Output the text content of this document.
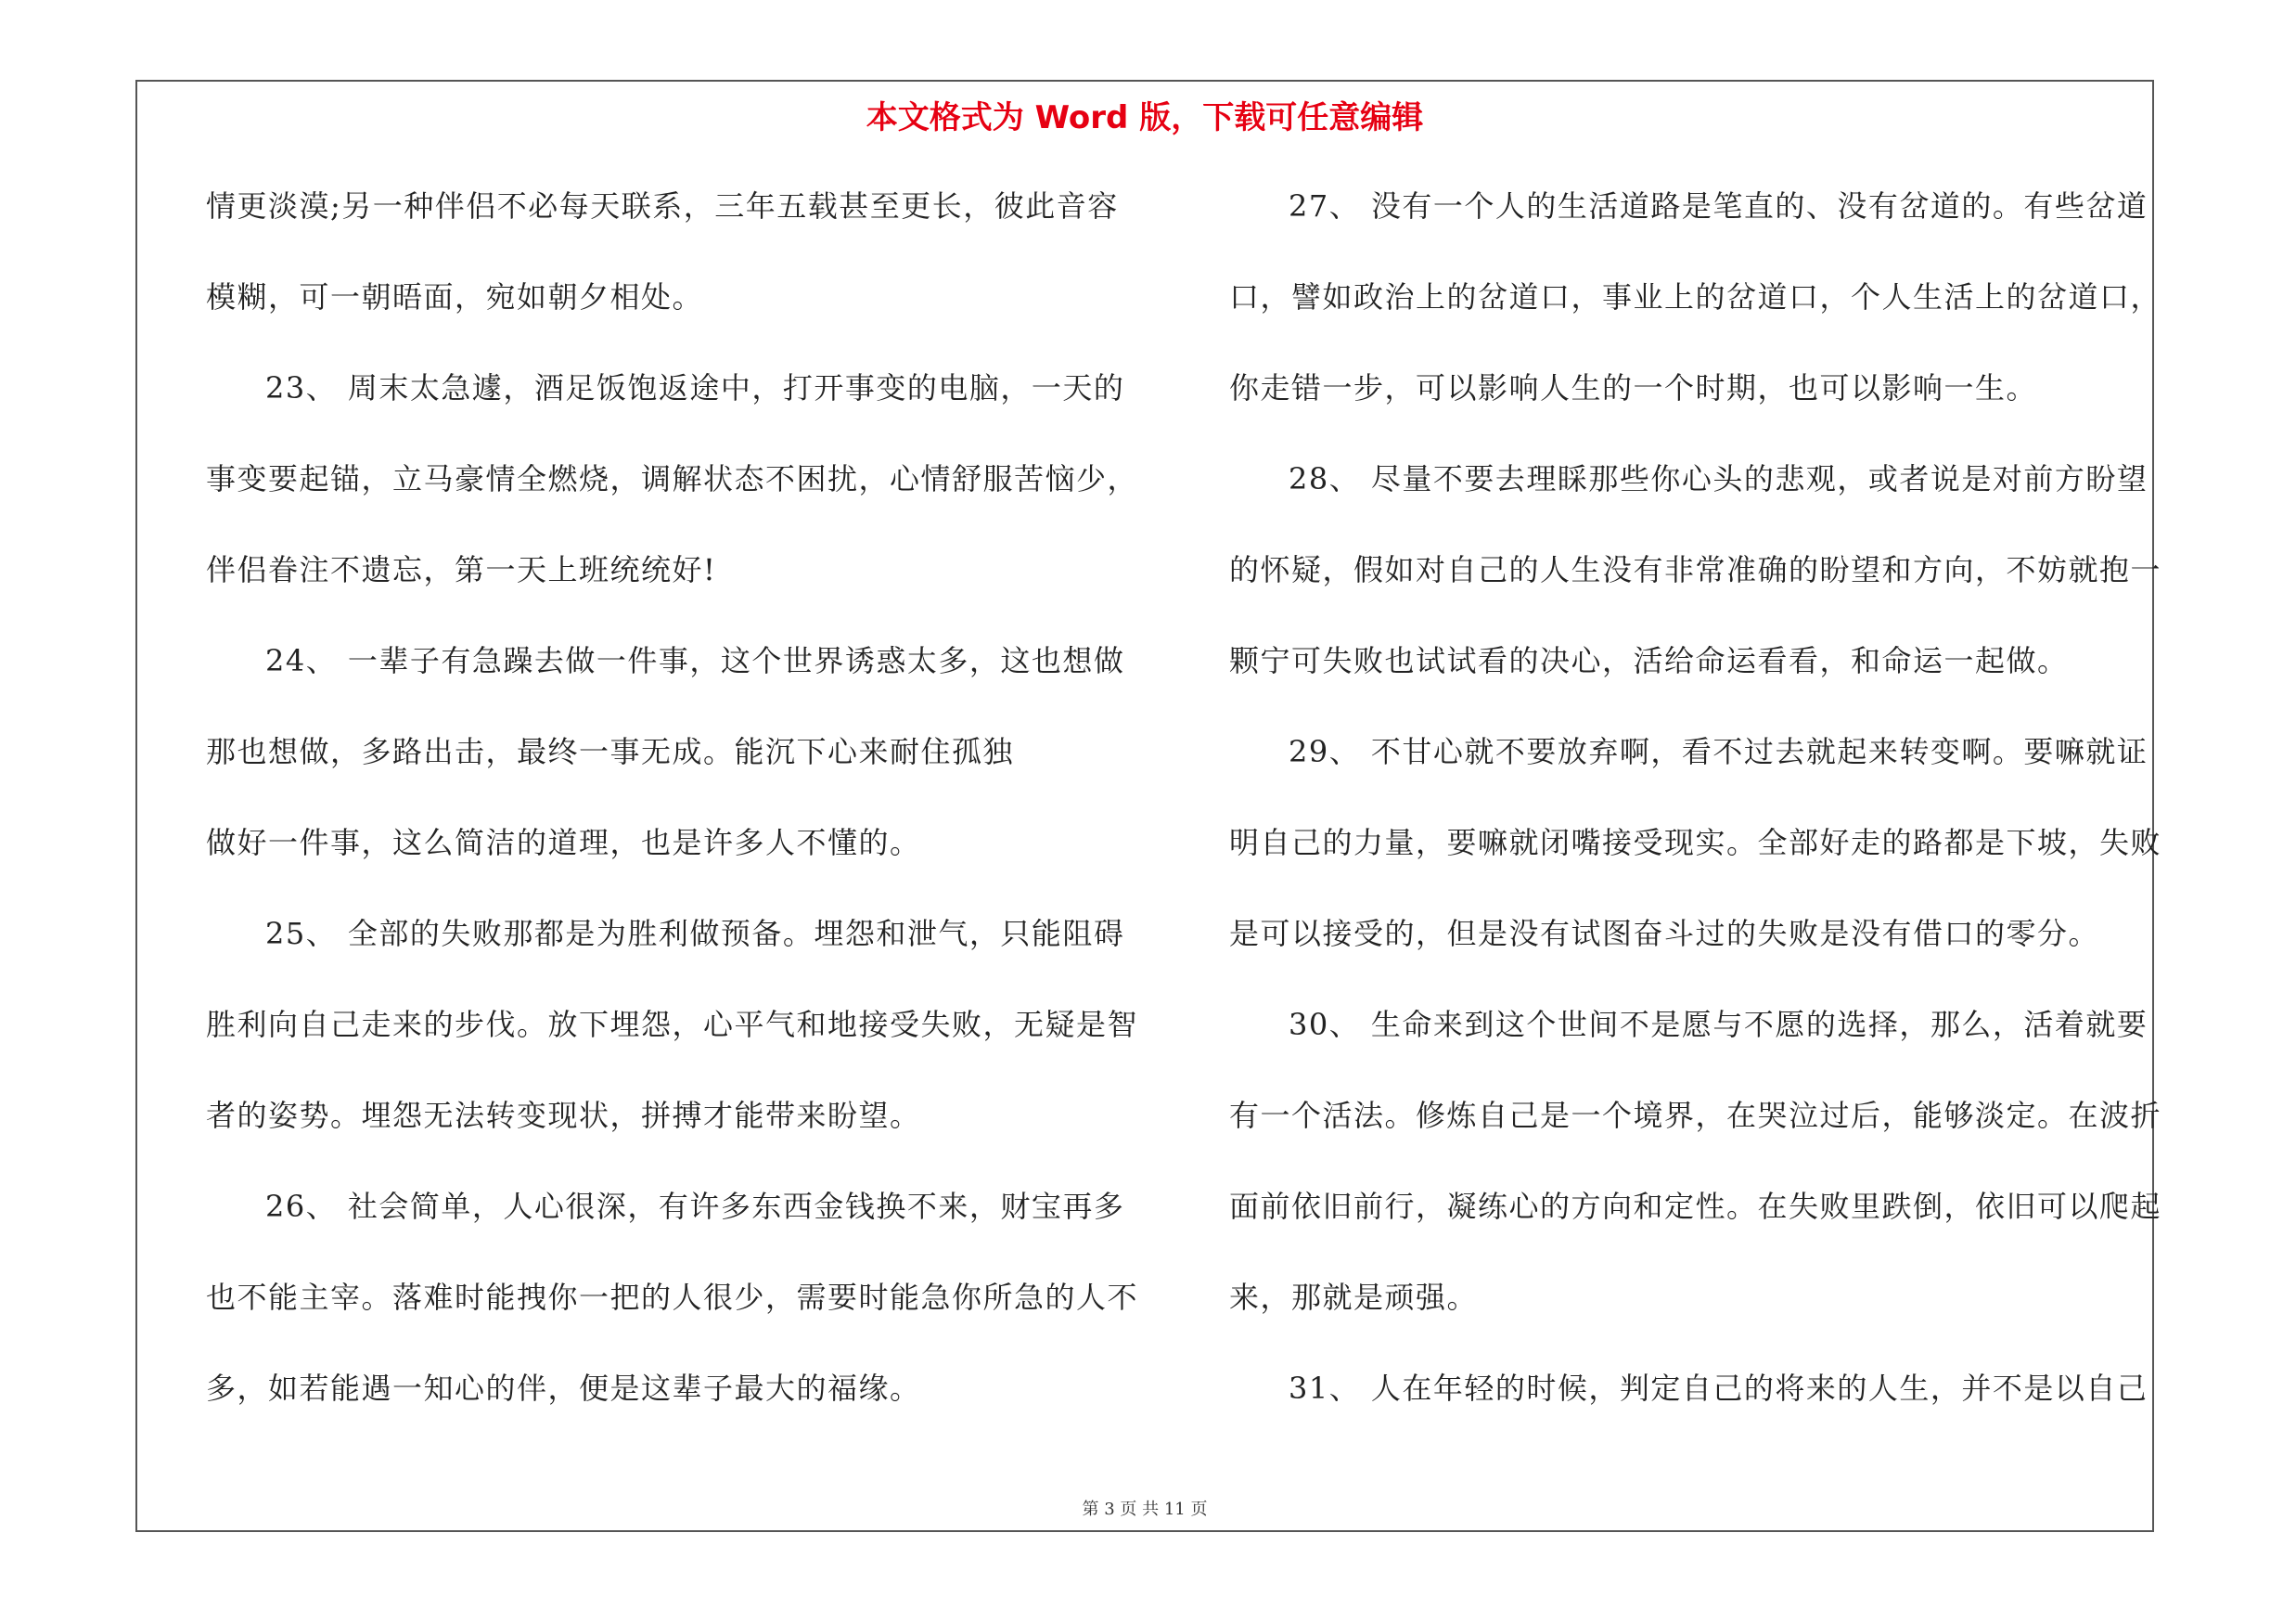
本文格式为 Word 版，下载可任意编辑
情更淡漠;另一种伴侣不必每天联系，三年五载甚至更长，彼此音容
模糊，可一朝晤面，宛如朝夕相处。
23、 周末太急遽，酒足饭饱返途中，打开事变的电脑，一天的
事变要起锚，立马豪情全燃烧，调解状态不困扰，心情舒服苦恼少，
伴侣眷注不遗忘，第一天上班统统好!
24、 一辈子有急躁去做一件事，这个世界诱惑太多，这也想做
那也想做，多路出击，最终一事无成。能沉下心来耐住孤独
做好一件事，这么简洁的道理，也是许多人不懂的。
25、 全部的失败那都是为胜利做预备。埋怨和泄气，只能阻碍
胜利向自己走来的步伐。放下埋怨，心平气和地接受失败，无疑是智
者的姿势。埋怨无法转变现状，拼搏才能带来盼望。
26、 社会简单，人心很深，有许多东西金钱换不来，财宝再多
也不能主宰。落难时能拽你一把的人很少，需要时能急你所急的人不
多，如若能遇一知心的伴，便是这辈子最大的福缘。
27、 没有一个人的生活道路是笔直的、没有岔道的。有些岔道
口，譬如政治上的岔道口，事业上的岔道口，个人生活上的岔道口，
你走错一步，可以影响人生的一个时期，也可以影响一生。
28、 尽量不要去理睬那些你心头的悲观，或者说是对前方盼望
的怀疑，假如对自己的人生没有非常准确的盼望和方向，不妨就抱一
颗宁可失败也试试看的决心，活给命运看看，和命运一起做。
29、 不甘心就不要放弃啊，看不过去就起来转变啊。要嘛就证
明自己的力量，要嘛就闭嘴接受现实。全部好走的路都是下坡，失败
是可以接受的，但是没有试图奋斗过的失败是没有借口的零分。
30、 生命来到这个世间不是愿与不愿的选择，那么，活着就要
有一个活法。修炼自己是一个境界，在哭泣过后，能够淡定。在波折
面前依旧前行，凝练心的方向和定性。在失败里跌倒，依旧可以爬起
来，那就是顽强。
31、 人在年轻的时候，判定自己的将来的人生，并不是以自己
第 3 页 共 11 页
